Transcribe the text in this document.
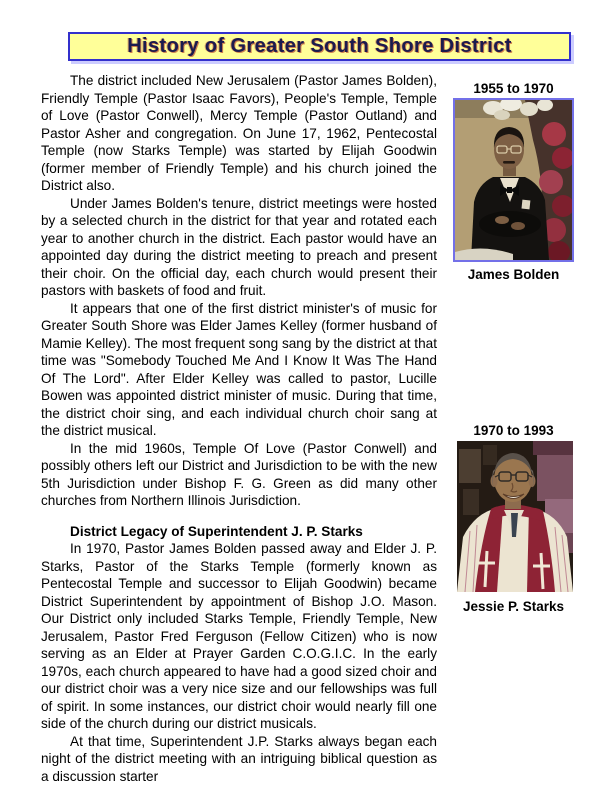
History of Greater South Shore District

The district included New Jerusalem (Pastor James Bolden), Friendly Temple (Pastor Isaac Favors), People's Temple, Temple of Love (Pastor Conwell), Mercy Temple (Pastor Outland) and Pastor Asher and congregation. On June 17, 1962, Pentecostal Temple (now Starks Temple) was started by Elijah Goodwin (former member of Friendly Temple) and his church joined the District also.

Under James Bolden's tenure, district meetings were hosted by a selected church in the district for that year and rotated each year to another church in the district. Each pastor would have an appointed day during the district meeting to preach and present their choir. On the official day, each church would present their pastors with baskets of food and fruit.

It appears that one of the first district minister's of music for Greater South Shore was Elder James Kelley (former husband of Mamie Kelley). The most frequent song sang by the district at that time was "Somebody Touched Me And I Know It Was The Hand Of The Lord". After Elder Kelley was called to pastor, Lucille Bowen was appointed district minister of music. During that time, the district choir sing, and each individual church choir sang at the district musical.

In the mid 1960s, Temple Of Love (Pastor Conwell) and possibly others left our District and Jurisdiction to be with the new 5th Jurisdiction under Bishop F. G. Green as did many other churches from Northern Illinois Jurisdiction.

District Legacy of Superintendent J. P. Starks

In 1970, Pastor James Bolden passed away and Elder J. P. Starks, Pastor of the Starks Temple (formerly known as Pentecostal Temple and successor to Elijah Goodwin) became District Superintendent by appointment of Bishop J.O. Mason. Our District only included Starks Temple, Friendly Temple, New Jerusalem, Pastor Fred Ferguson (Fellow Citizen) who is now serving as an Elder at Prayer Garden C.O.G.I.C. In the early 1970s, each church appeared to have had a good sized choir and our district choir was a very nice size and our fellowships was full of spirit. In some instances, our district choir would nearly fill one side of the church during our district musicals.

At that time, Superintendent J.P. Starks always began each night of the district meeting with an intriguing biblical question as a discussion starter

1955 to 1970
James Bolden
1970 to 1993
Jessie P. Starks
